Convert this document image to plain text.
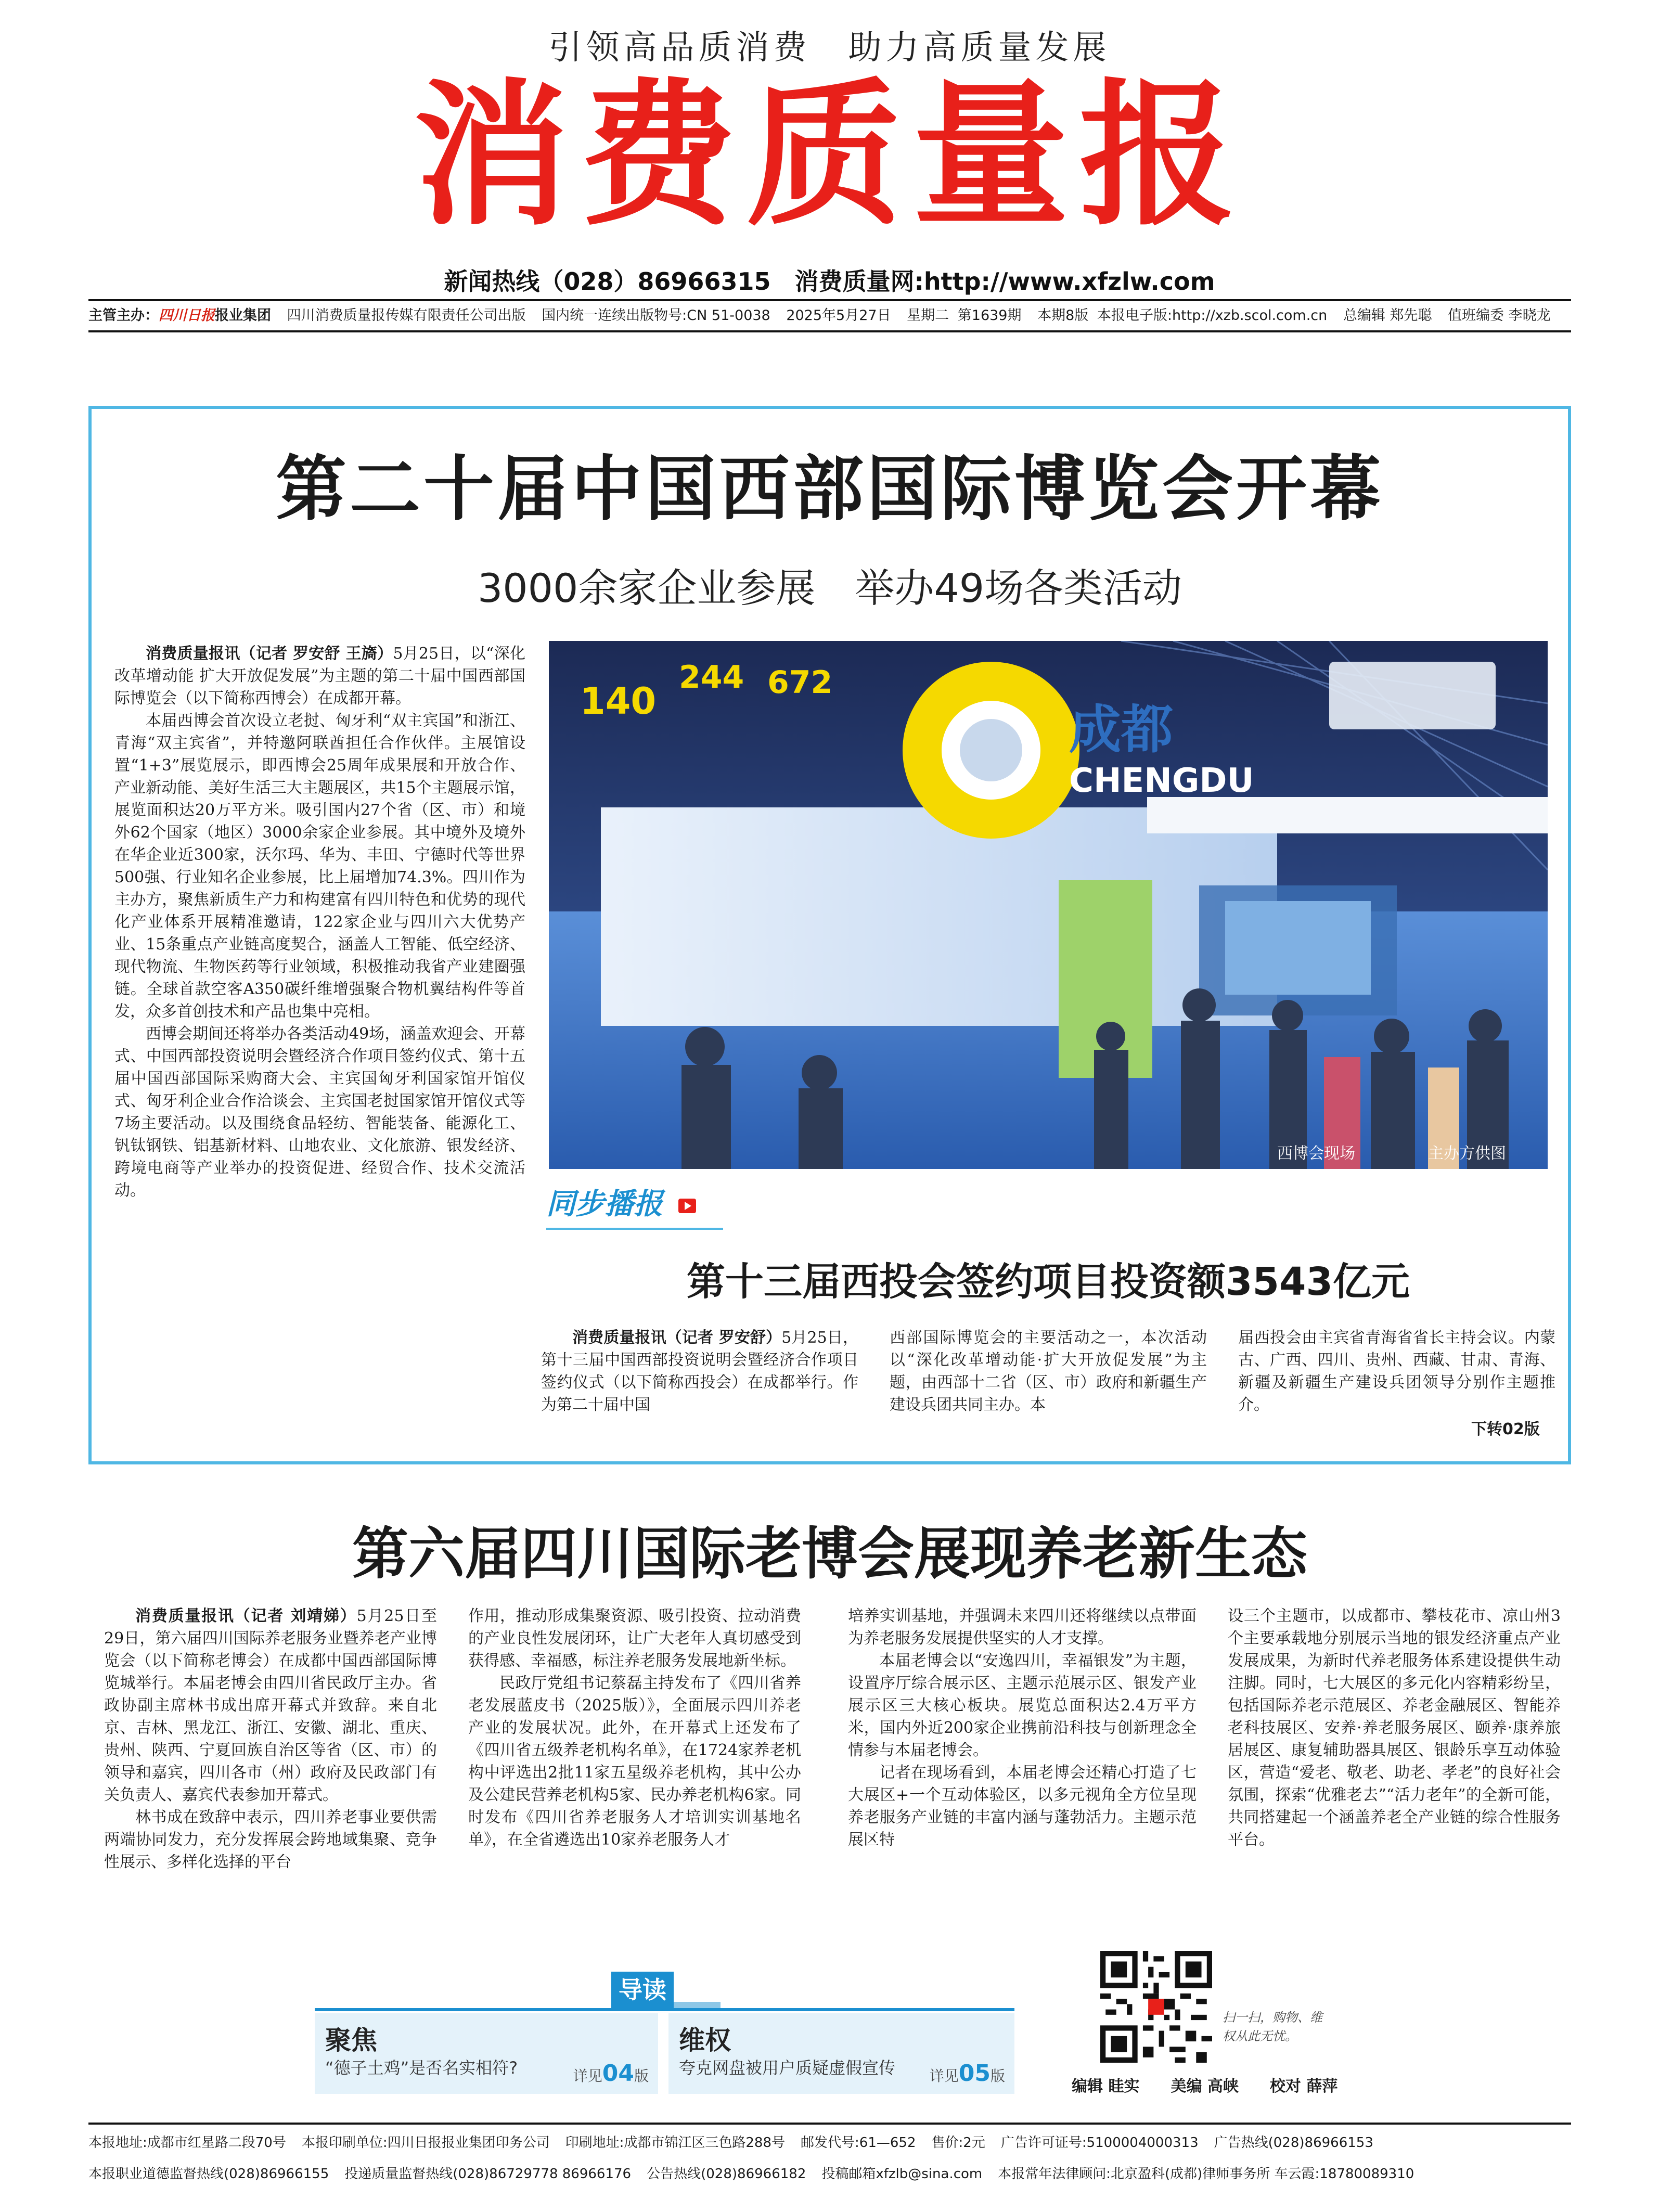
引领高品质消费　助力高质量发展
消费质量报
新闻热线（028）86966315　消费质量网:http://www.xfzlw.com
主管主办：四川日报报业集团 四川消费质量报传媒有限责任公司出版 国内统一连续出版物号:CN 51-0038 2025年5月27日 星期二 第1639期 本期8版 本报电子版:http://xzb.scol.com.cn 总编辑 郑先聪 值班编委 李晓龙
第二十届中国西部国际博览会开幕
3000余家企业参展　举办49场各类活动

消费质量报讯（记者 罗安舒 王旖）5月25日，以“深化改革增动能 扩大开放促发展”为主题的第二十届中国西部国际博览会（以下简称西博会）在成都开幕。

本届西博会首次设立老挝、匈牙利“双主宾国”和浙江、青海“双主宾省”，并特邀阿联酋担任合作伙伴。主展馆设置“1+3”展览展示，即西博会25周年成果展和开放合作、产业新动能、美好生活三大主题展区，共15个主题展示馆，展览面积达20万平方米。吸引国内27个省（区、市）和境外62个国家（地区）3000余家企业参展。其中境外及境外在华企业近300家，沃尔玛、华为、丰田、宁德时代等世界500强、行业知名企业参展，比上届增加74.3%。四川作为主办方，聚焦新质生产力和构建富有四川特色和优势的现代化产业体系开展精准邀请，122家企业与四川六大优势产业、15条重点产业链高度契合，涵盖人工智能、低空经济、现代物流、生物医药等行业领域，积极推动我省产业建圈强链。全球首款空客A350碳纤维增强聚合物机翼结构件等首发，众多首创技术和产品也集中亮相。

西博会期间还将举办各类活动49场，涵盖欢迎会、开幕式、中国西部投资说明会暨经济合作项目签约仪式、第十五届中国西部国际采购商大会、主宾国匈牙利国家馆开馆仪式、匈牙利企业合作洽谈会、主宾国老挝国家馆开馆仪式等7场主要活动。以及围绕食品轻纺、智能装备、能源化工、钒钛钢铁、铝基新材料、山地农业、文化旅游、银发经济、跨境电商等产业举办的投资促进、经贸合作、技术交流活动。

成都
CHENGDU
140
244 672
西博会现场	主办方供图
同步播报
第十三届西投会签约项目投资额3543亿元

消费质量报讯（记者 罗安舒）5月25日，第十三届中国西部投资说明会暨经济合作项目签约仪式（以下简称西投会）在成都举行。作为第二十届中国

西部国际博览会的主要活动之一，本次活动以“深化改革增动能·扩大开放促发展”为主题，由西部十二省（区、市）政府和新疆生产建设兵团共同主办。本

届西投会由主宾省青海省省长主持会议。内蒙古、广西、四川、贵州、西藏、甘肃、青海、新疆及新疆生产建设兵团领导分别作主题推介。

下转02版
第六届四川国际老博会展现养老新生态

消费质量报讯（记者 刘靖娣）5月25日至29日，第六届四川国际养老服务业暨养老产业博览会（以下简称老博会）在成都中国西部国际博览城举行。本届老博会由四川省民政厅主办。省政协副主席林书成出席开幕式并致辞。来自北京、吉林、黑龙江、浙江、安徽、湖北、重庆、贵州、陕西、宁夏回族自治区等省（区、市）的领导和嘉宾，四川各市（州）政府及民政部门有关负责人、嘉宾代表参加开幕式。

林书成在致辞中表示，四川养老事业要供需两端协同发力，充分发挥展会跨地域集聚、竞争性展示、多样化选择的平台

作用，推动形成集聚资源、吸引投资、拉动消费的产业良性发展闭环，让广大老年人真切感受到获得感、幸福感，标注养老服务发展地新坐标。

民政厅党组书记蔡磊主持发布了《四川省养老发展蓝皮书（2025版）》，全面展示四川养老产业的发展状况。此外，在开幕式上还发布了《四川省五级养老机构名单》，在1724家养老机构中评选出2批11家五星级养老机构，其中公办及公建民营养老机构5家、民办养老机构6家。同时发布《四川省养老服务人才培训实训基地名单》，在全省遴选出10家养老服务人才

培养实训基地，并强调未来四川还将继续以点带面为养老服务发展提供坚实的人才支撑。

本届老博会以“安逸四川，幸福银发”为主题，设置序厅综合展示区、主题示范展示区、银发产业展示区三大核心板块。展览总面积达2.4万平方米，国内外近200家企业携前沿科技与创新理念全情参与本届老博会。

记者在现场看到，本届老博会还精心打造了七大展区+一个互动体验区，以多元视角全方位呈现养老服务产业链的丰富内涵与蓬勃活力。主题示范展区特

设三个主题市，以成都市、攀枝花市、凉山州3个主要承载地分别展示当地的银发经济重点产业发展成果，为新时代养老服务体系建设提供生动注脚。同时，七大展区的多元化内容精彩纷呈，包括国际养老示范展区、养老金融展区、智能养老科技展区、安养·养老服务展区、颐养·康养旅居展区、康复辅助器具展区、银龄乐享互动体验区，营造“爱老、敬老、助老、孝老”的良好社会氛围，探索“优雅老去”“活力老年”的全新可能，共同搭建起一个涵盖养老全产业链的综合性服务平台。

导读
聚焦
“德子土鸡”是否名实相符?	详见04版
维权
夸克网盘被用户质疑虚假宣传 详见05版
扫一扫，购物、维
权从此无忧。
编辑 眭实　　美编 高峡　　校对 薛萍
本报地址:成都市红星路二段70号 本报印刷单位:四川日报报业集团印务公司 印刷地址:成都市锦江区三色路288号 邮发代号:61—652 售价:2元 广告许可证号:5100004000313 广告热线(028)86966153
本报职业道德监督热线(028)86966155 投递质量监督热线(028)86729778 86966176 公告热线(028)86966182 投稿邮箱xfzlb@sina.com 本报常年法律顾问:北京盈科(成都)律师事务所 车云霞:18780089310
